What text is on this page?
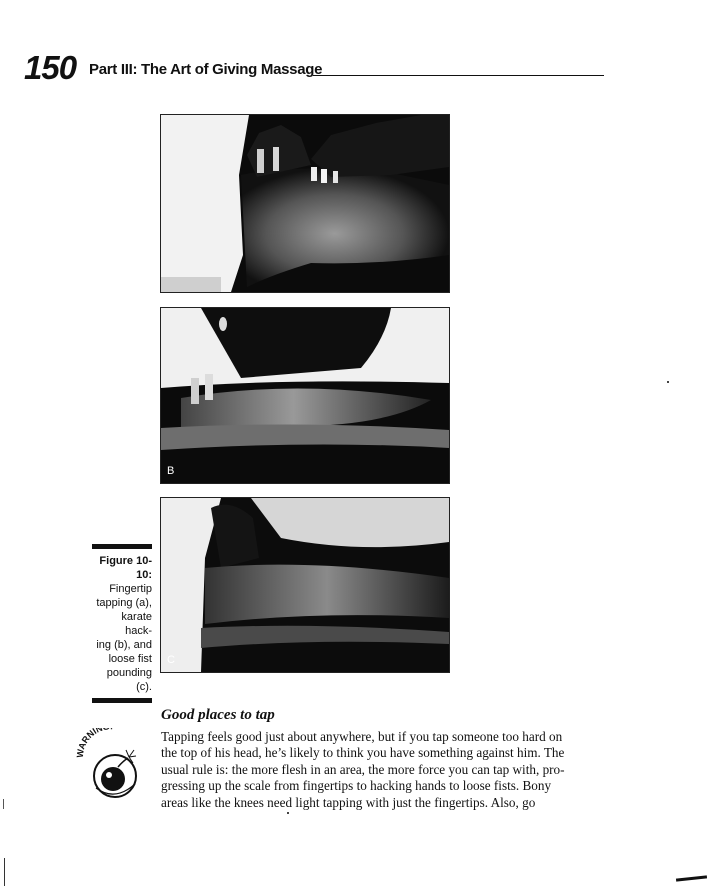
150 Part III: The Art of Giving Massage
B
C
Figure 10-10:
Fingertip
tapping (a),
karate hack-
ing (b), and
loose fist
pounding (c).
WARNIN
Good places to tap

Tapping feels good just about anywhere, but if you tap someone too hard on

the top of his head, he’s likely to think you have something against him. The

usual rule is: the more flesh in an area, the more force you can tap with, pro-

gressing up the scale from fingertips to hacking hands to loose fists. Bony

areas like the knees need light tapping with just the fingertips. Also, go
